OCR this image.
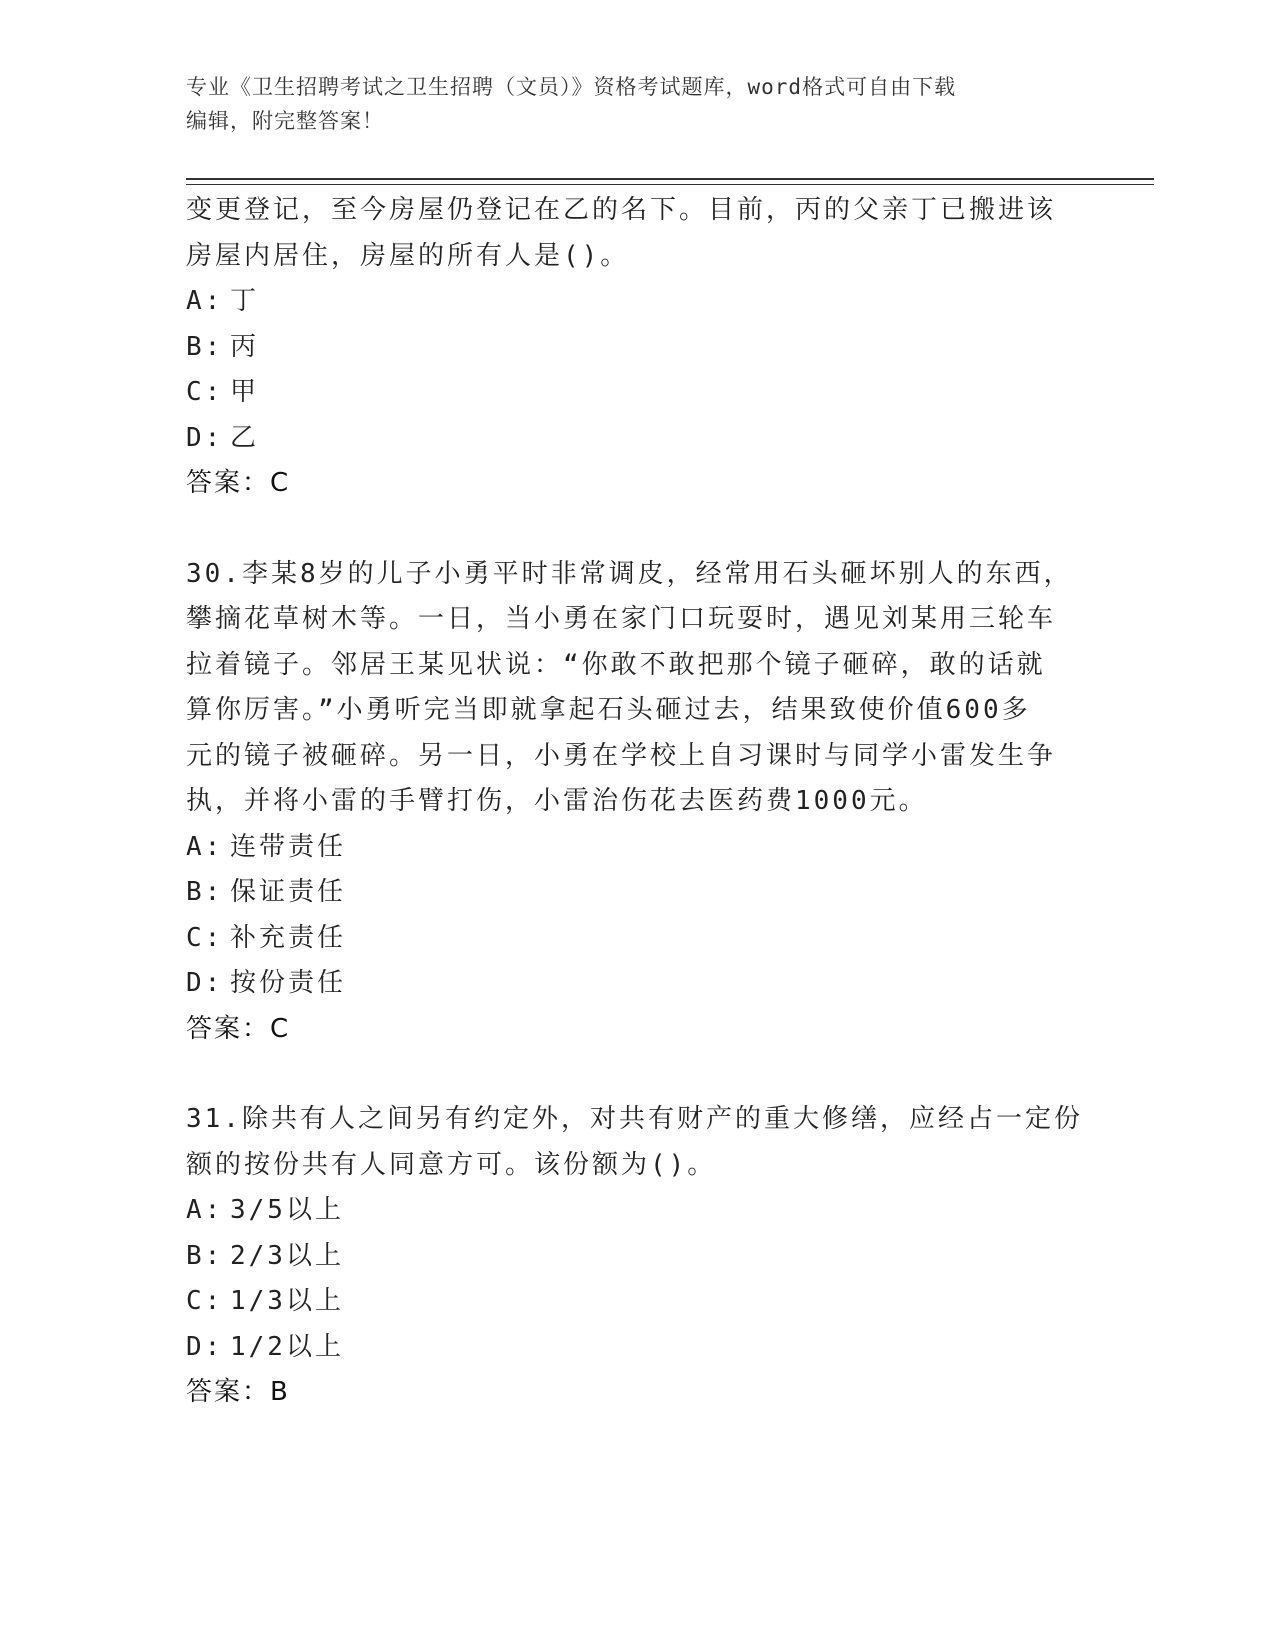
专业《卫生招聘考试之卫生招聘（文员）》资格考试题库，word格式可自由下载
编辑，附完整答案！

变更登记，至今房屋仍登记在乙的名下。目前，丙的父亲丁已搬进该

房屋内居住，房屋的所有人是()。

A: 丁
B: 丙
C: 甲
D: 乙

答案：C

30.李某8岁的儿子小勇平时非常调皮，经常用石头砸坏别人的东西，

攀摘花草树木等。一日，当小勇在家门口玩耍时，遇见刘某用三轮车

拉着镜子。邻居王某见状说：“你敢不敢把那个镜子砸碎，敢的话就

算你厉害。”小勇听完当即就拿起石头砸过去，结果致使价值600多

元的镜子被砸碎。另一日，小勇在学校上自习课时与同学小雷发生争

执，并将小雷的手臂打伤，小雷治伤花去医药费1000元。

A: 连带责任
B: 保证责任
C: 补充责任
D: 按份责任

答案：C

31.除共有人之间另有约定外，对共有财产的重大修缮，应经占一定份

额的按份共有人同意方可。该份额为()。

A: 3/5以上
B: 2/3以上
C: 1/3以上
D: 1/2以上

答案：B
